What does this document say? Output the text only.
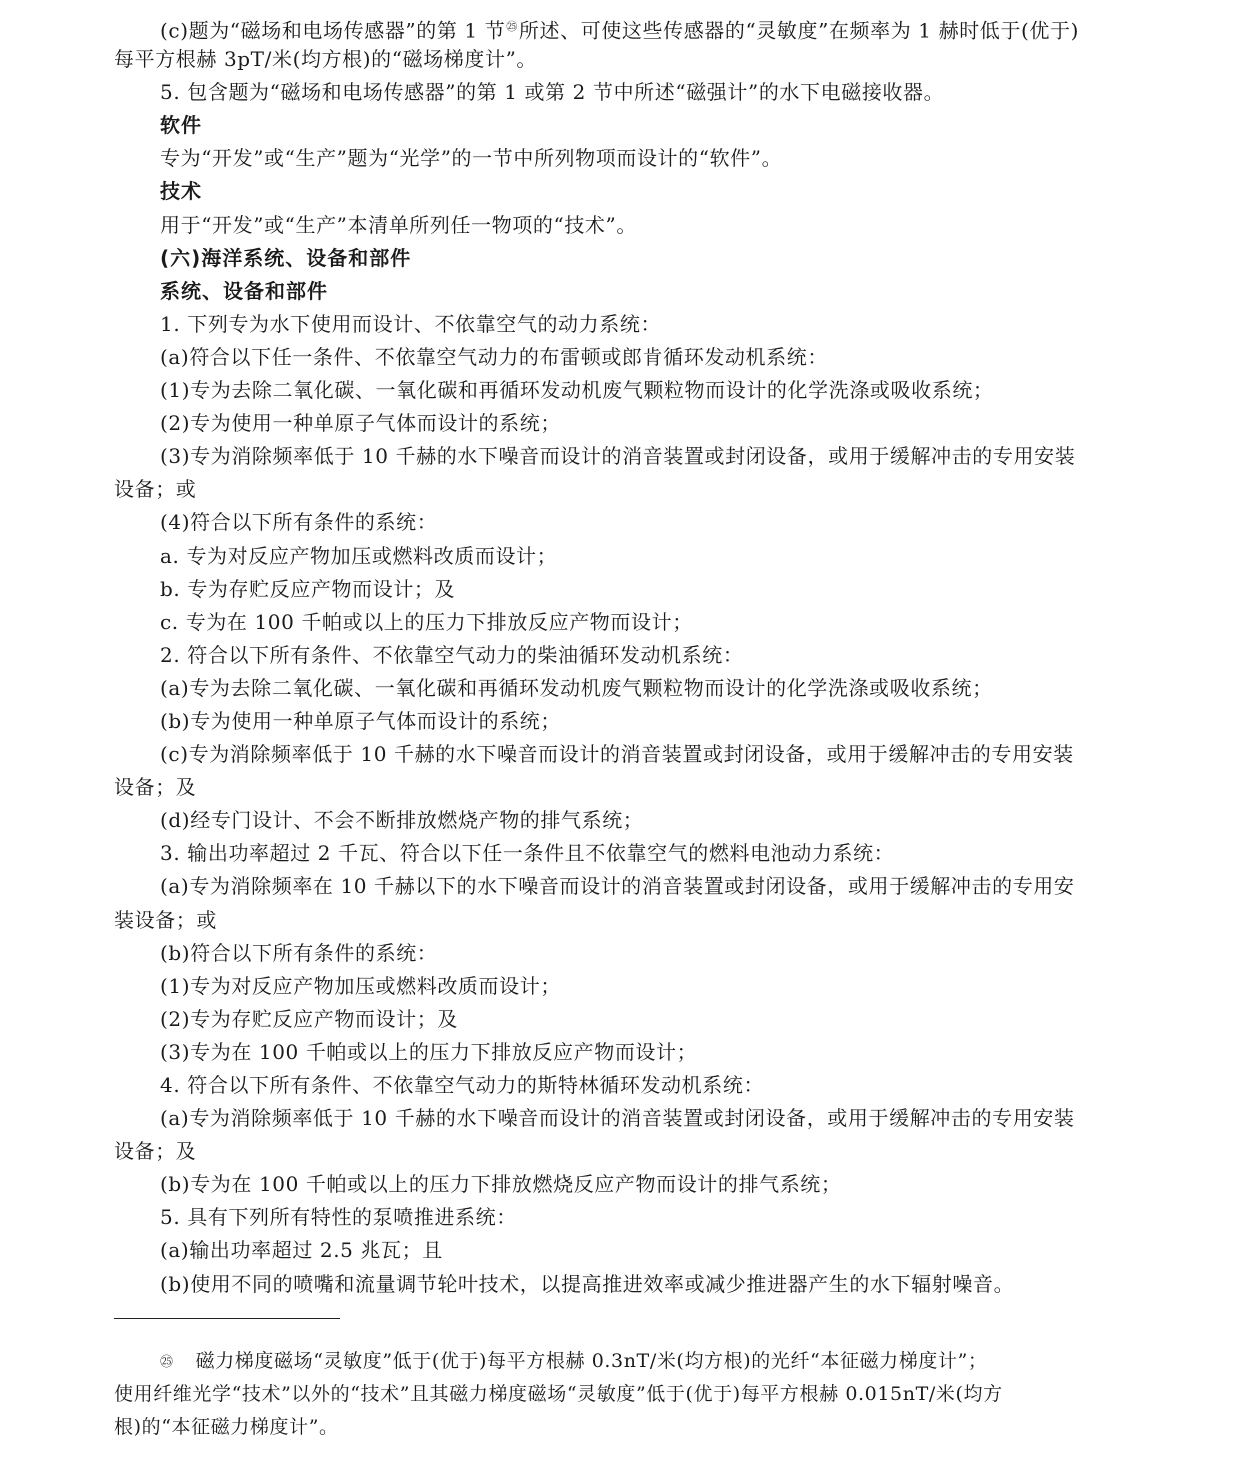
(c)题为“磁场和电场传感器”的第 1 节$^㉕$所述、可使这些传感器的“灵敏度”在频率为 1 赫时低于(优于)
每平方根赫 3pT/米(均方根)的“磁场梯度计”。
5. 包含题为“磁场和电场传感器”的第 1 或第 2 节中所述“磁强计”的水下电磁接收器。
软件
专为“开发”或“生产”题为“光学”的一节中所列物项而设计的“软件”。
技术
用于“开发”或“生产”本清单所列任一物项的“技术”。
(六)海洋系统、设备和部件
系统、设备和部件
1. 下列专为水下使用而设计、不依靠空气的动力系统：
(a)符合以下任一条件、不依靠空气动力的布雷顿或郎肯循环发动机系统：
(1)专为去除二氧化碳、一氧化碳和再循环发动机废气颗粒物而设计的化学洗涤或吸收系统；
(2)专为使用一种单原子气体而设计的系统；
(3)专为消除频率低于 10 千赫的水下噪音而设计的消音装置或封闭设备，或用于缓解冲击的专用安装
设备；或
(4)符合以下所有条件的系统：
a. 专为对反应产物加压或燃料改质而设计；
b. 专为存贮反应产物而设计；及
c. 专为在 100 千帕或以上的压力下排放反应产物而设计；
2. 符合以下所有条件、不依靠空气动力的柴油循环发动机系统：
(a)专为去除二氧化碳、一氧化碳和再循环发动机废气颗粒物而设计的化学洗涤或吸收系统；
(b)专为使用一种单原子气体而设计的系统；
(c)专为消除频率低于 10 千赫的水下噪音而设计的消音装置或封闭设备，或用于缓解冲击的专用安装
设备；及
(d)经专门设计、不会不断排放燃烧产物的排气系统；
3. 输出功率超过 2 千瓦、符合以下任一条件且不依靠空气的燃料电池动力系统：
(a)专为消除频率在 10 千赫以下的水下噪音而设计的消音装置或封闭设备，或用于缓解冲击的专用安
装设备；或
(b)符合以下所有条件的系统：
(1)专为对反应产物加压或燃料改质而设计；
(2)专为存贮反应产物而设计；及
(3)专为在 100 千帕或以上的压力下排放反应产物而设计；
4. 符合以下所有条件、不依靠空气动力的斯特林循环发动机系统：
(a)专为消除频率低于 10 千赫的水下噪音而设计的消音装置或封闭设备，或用于缓解冲击的专用安装
设备；及
(b)专为在 100 千帕或以上的压力下排放燃烧反应产物而设计的排气系统；
5. 具有下列所有特性的泵喷推进系统：
(a)输出功率超过 2.5 兆瓦；且
(b)使用不同的喷嘴和流量调节轮叶技术，以提高推进效率或减少推进器产生的水下辐射噪音。
㉕ 磁力梯度磁场“灵敏度”低于(优于)每平方根赫 0.3nT/米(均方根)的光纤“本征磁力梯度计”；
使用纤维光学“技术”以外的“技术”且其磁力梯度磁场“灵敏度”低于(优于)每平方根赫 0.015nT/米(均方
根)的“本征磁力梯度计”。
